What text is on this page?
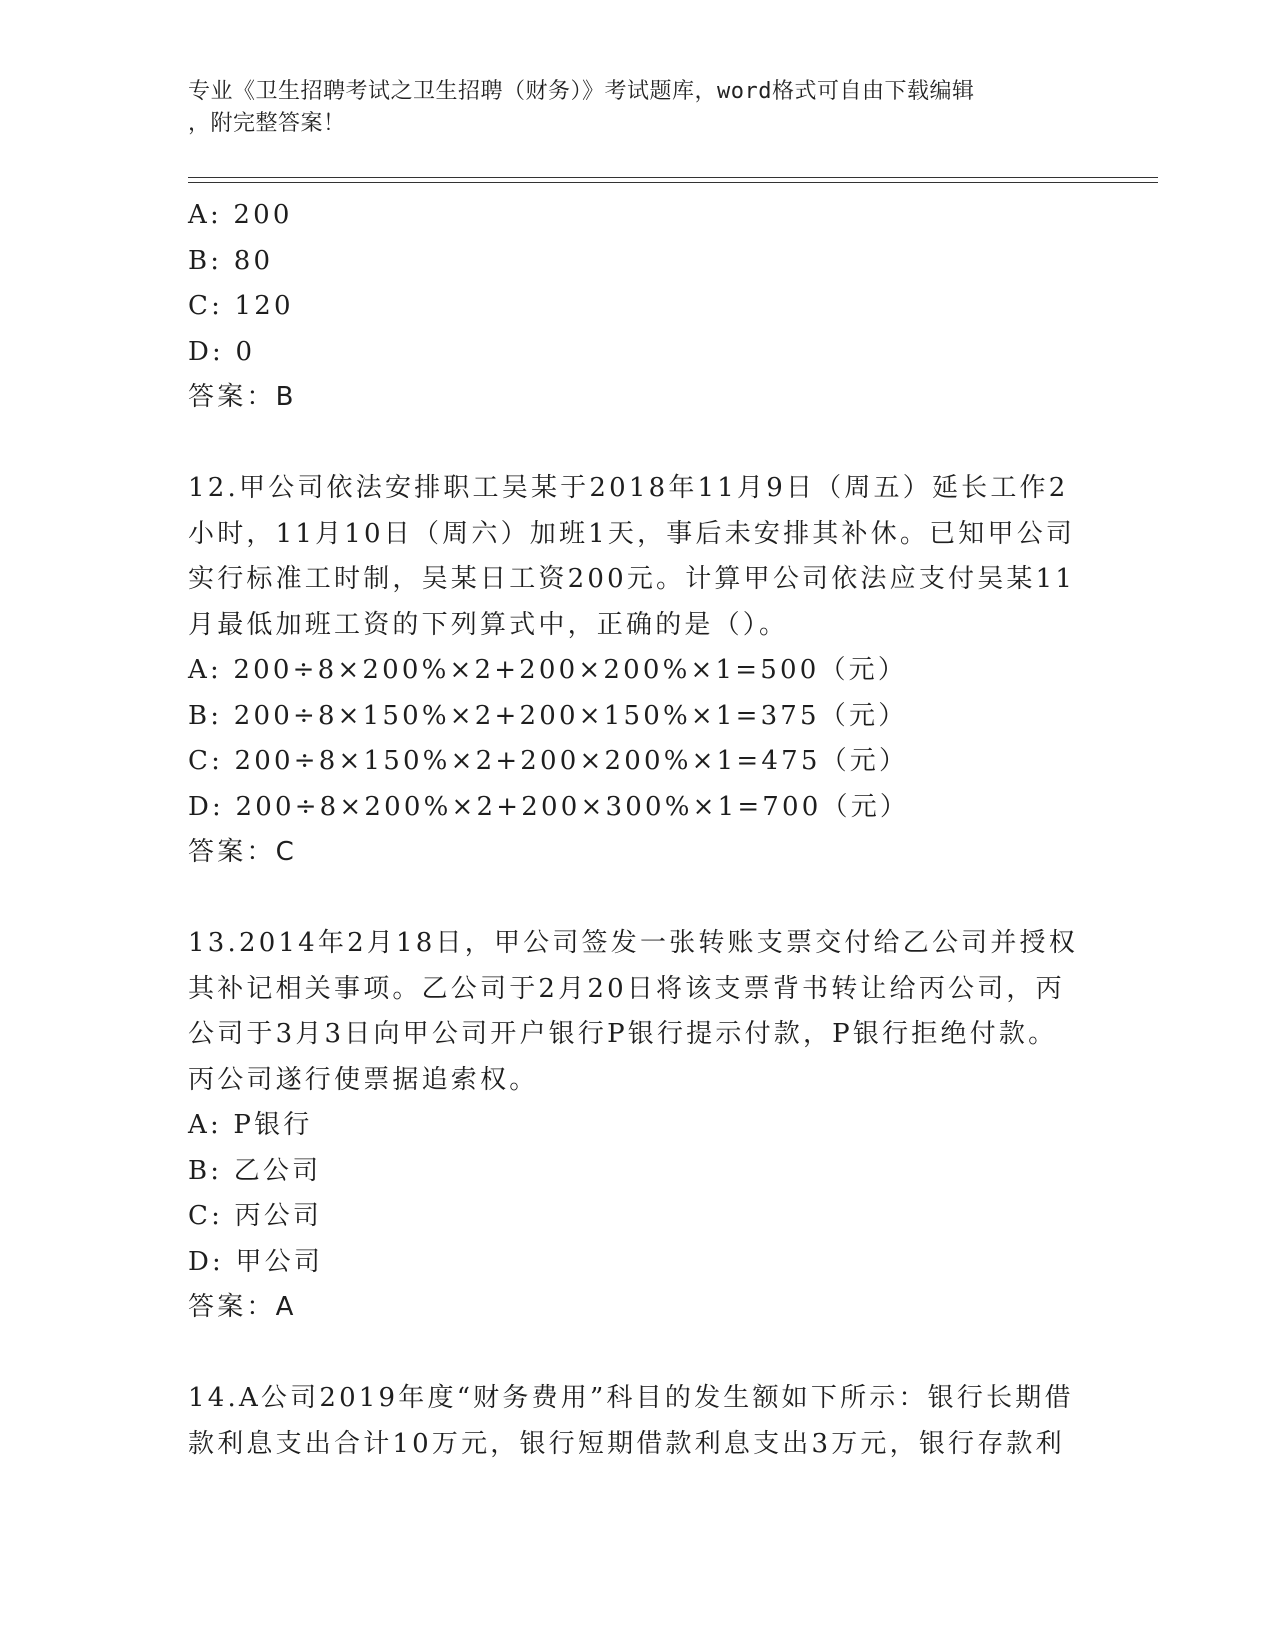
专业《卫生招聘考试之卫生招聘（财务）》考试题库，word格式可自由下载编辑
，附完整答案！
A: 200
B: 80
C: 120
D: 0
答案：B
12.甲公司依法安排职工吴某于2018年11月9日（周五）延长工作2
小时，11月10日（周六）加班1天，事后未安排其补休。已知甲公司
实行标准工时制，吴某日工资200元。计算甲公司依法应支付吴某11
月最低加班工资的下列算式中，正确的是（）。
A: 200÷8×200%×2+200×200%×1=500（元）
B: 200÷8×150%×2+200×150%×1=375（元）
C: 200÷8×150%×2+200×200%×1=475（元）
D: 200÷8×200%×2+200×300%×1=700（元）
答案：C
13.2014年2月18日，甲公司签发一张转账支票交付给乙公司并授权
其补记相关事项。乙公司于2月20日将该支票背书转让给丙公司，丙
公司于3月3日向甲公司开户银行P银行提示付款，P银行拒绝付款。
丙公司遂行使票据追索权。
A: P银行
B: 乙公司
C: 丙公司
D: 甲公司
答案：A
14.A公司2019年度“财务费用”科目的发生额如下所示：银行长期借
款利息支出合计10万元，银行短期借款利息支出3万元，银行存款利
